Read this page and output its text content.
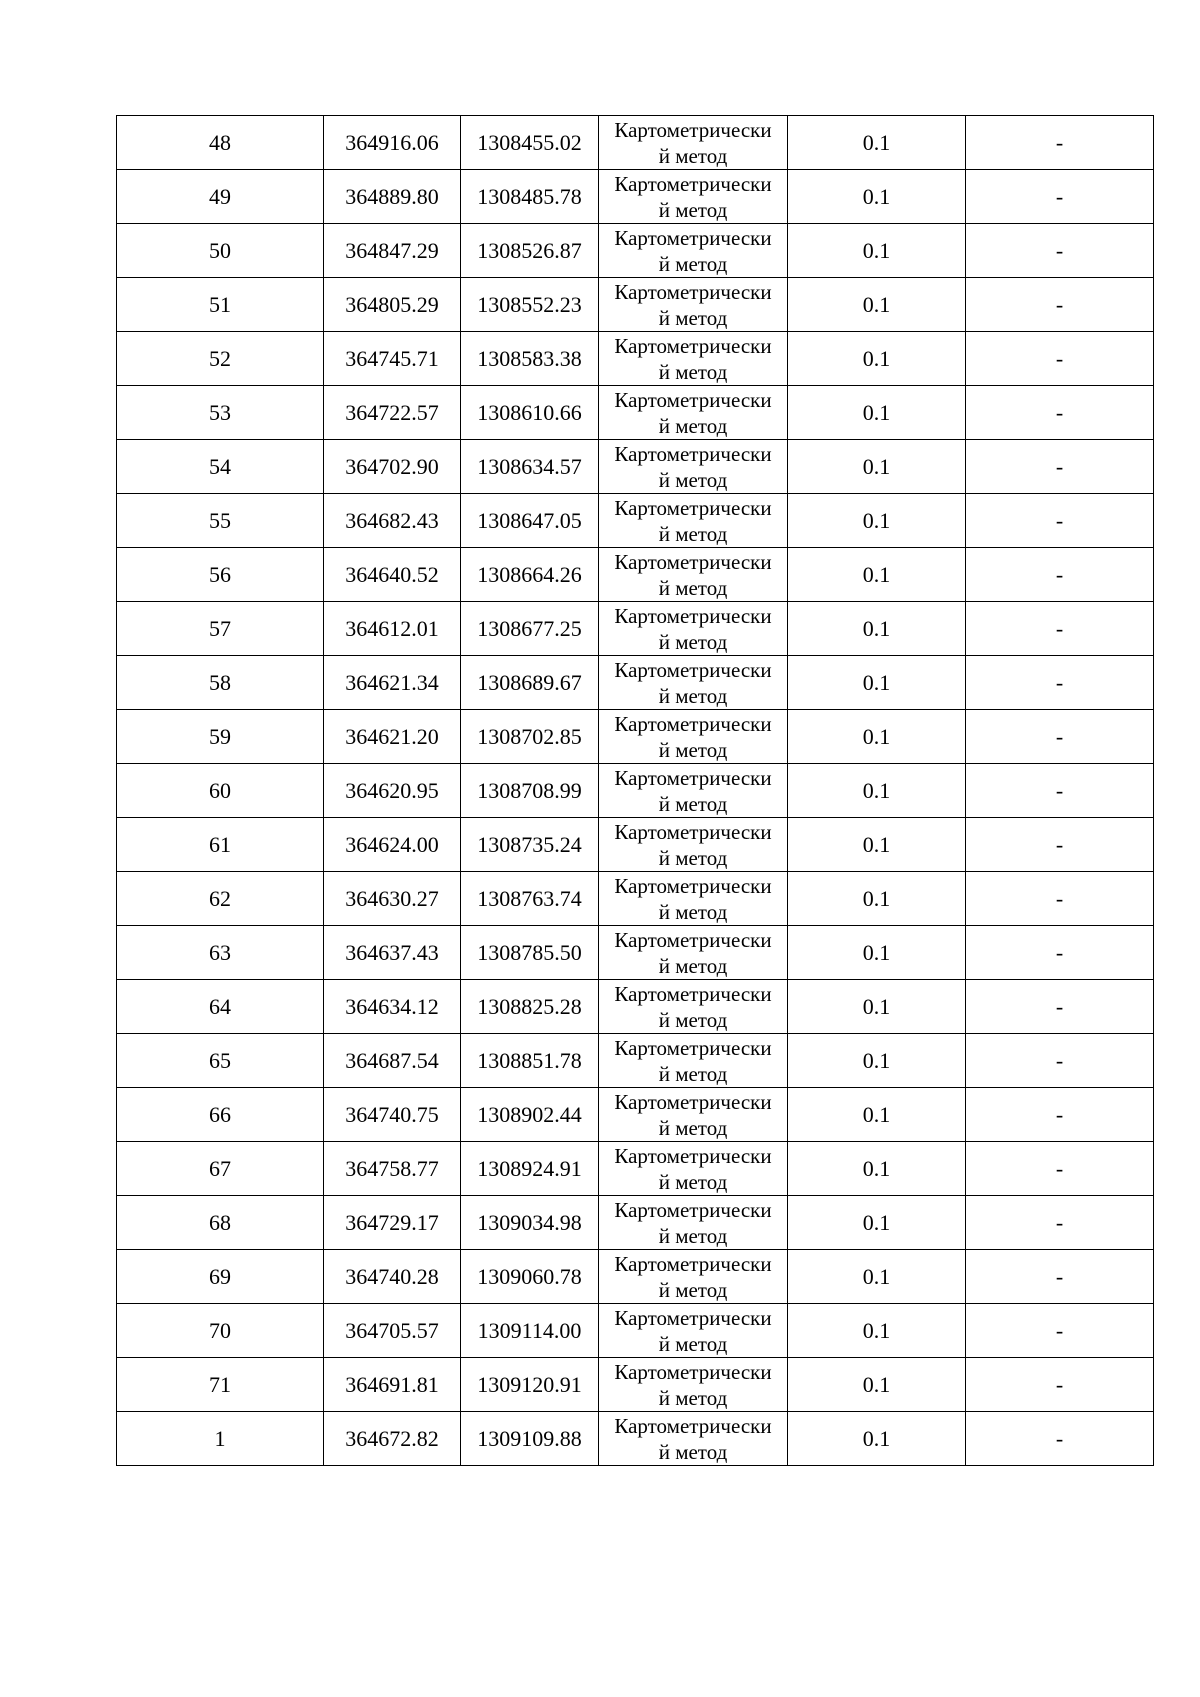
48	364916.06	1308455.02	Картометрически
й метод	0.1	-
49	364889.80	1308485.78	Картометрически
й метод	0.1	-
50	364847.29	1308526.87	Картометрически
й метод	0.1	-
51	364805.29	1308552.23	Картометрически
й метод	0.1	-
52	364745.71	1308583.38	Картометрически
й метод	0.1	-
53	364722.57	1308610.66	Картометрически
й метод	0.1	-
54	364702.90	1308634.57	Картометрически
й метод	0.1	-
55	364682.43	1308647.05	Картометрически
й метод	0.1	-
56	364640.52	1308664.26	Картометрически
й метод	0.1	-
57	364612.01	1308677.25	Картометрически
й метод	0.1	-
58	364621.34	1308689.67	Картометрически
й метод	0.1	-
59	364621.20	1308702.85	Картометрически
й метод	0.1	-
60	364620.95	1308708.99	Картометрически
й метод	0.1	-
61	364624.00	1308735.24	Картометрически
й метод	0.1	-
62	364630.27	1308763.74	Картометрически
й метод	0.1	-
63	364637.43	1308785.50	Картометрически
й метод	0.1	-
64	364634.12	1308825.28	Картометрически
й метод	0.1	-
65	364687.54	1308851.78	Картометрически
й метод	0.1	-
66	364740.75	1308902.44	Картометрически
й метод	0.1	-
67	364758.77	1308924.91	Картометрически
й метод	0.1	-
68	364729.17	1309034.98	Картометрически
й метод	0.1	-
69	364740.28	1309060.78	Картометрически
й метод	0.1	-
70	364705.57	1309114.00	Картометрически
й метод	0.1	-
71	364691.81	1309120.91	Картометрически
й метод	0.1	-
1	364672.82	1309109.88	Картометрически
й метод	0.1	-
